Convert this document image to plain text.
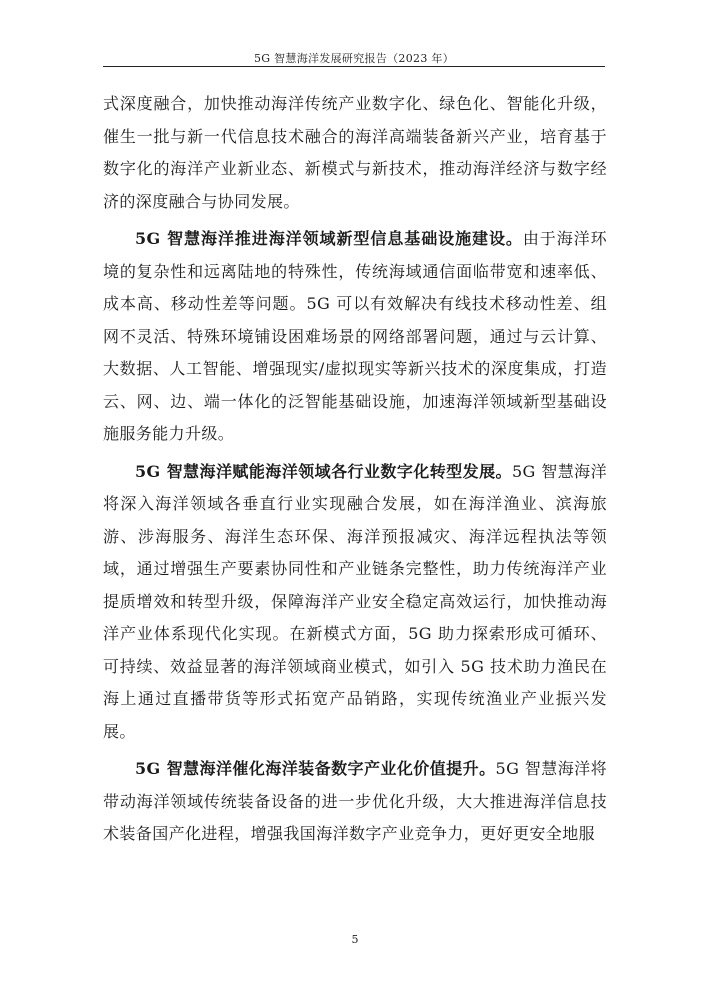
5G 智慧海洋发展研究报告（2023 年）

式深度融合，加快推动海洋传统产业数字化、绿色化、智能化升级，催生一批与新一代信息技术融合的海洋高端装备新兴产业，培育基于数字化的海洋产业新业态、新模式与新技术，推动海洋经济与数字经济的深度融合与协同发展。

5G 智慧海洋推进海洋领域新型信息基础设施建设。由于海洋环境的复杂性和远离陆地的特殊性，传统海域通信面临带宽和速率低、成本高、移动性差等问题。5G 可以有效解决有线技术移动性差、组网不灵活、特殊环境铺设困难场景的网络部署问题，通过与云计算、大数据、人工智能、增强现实/虚拟现实等新兴技术的深度集成，打造云、网、边、端一体化的泛智能基础设施，加速海洋领域新型基础设施服务能力升级。

5G 智慧海洋赋能海洋领域各行业数字化转型发展。5G 智慧海洋将深入海洋领域各垂直行业实现融合发展，如在海洋渔业、滨海旅游、涉海服务、海洋生态环保、海洋预报减灾、海洋远程执法等领域，通过增强生产要素协同性和产业链条完整性，助力传统海洋产业提质增效和转型升级，保障海洋产业安全稳定高效运行，加快推动海洋产业体系现代化实现。在新模式方面，5G 助力探索形成可循环、可持续、效益显著的海洋领域商业模式，如引入 5G 技术助力渔民在海上通过直播带货等形式拓宽产品销路，实现传统渔业产业振兴发展。

5G 智慧海洋催化海洋装备数字产业化价值提升。5G 智慧海洋将带动海洋领域传统装备设备的进一步优化升级，大大推进海洋信息技术装备国产化进程，增强我国海洋数字产业竞争力，更好更安全地服

5
